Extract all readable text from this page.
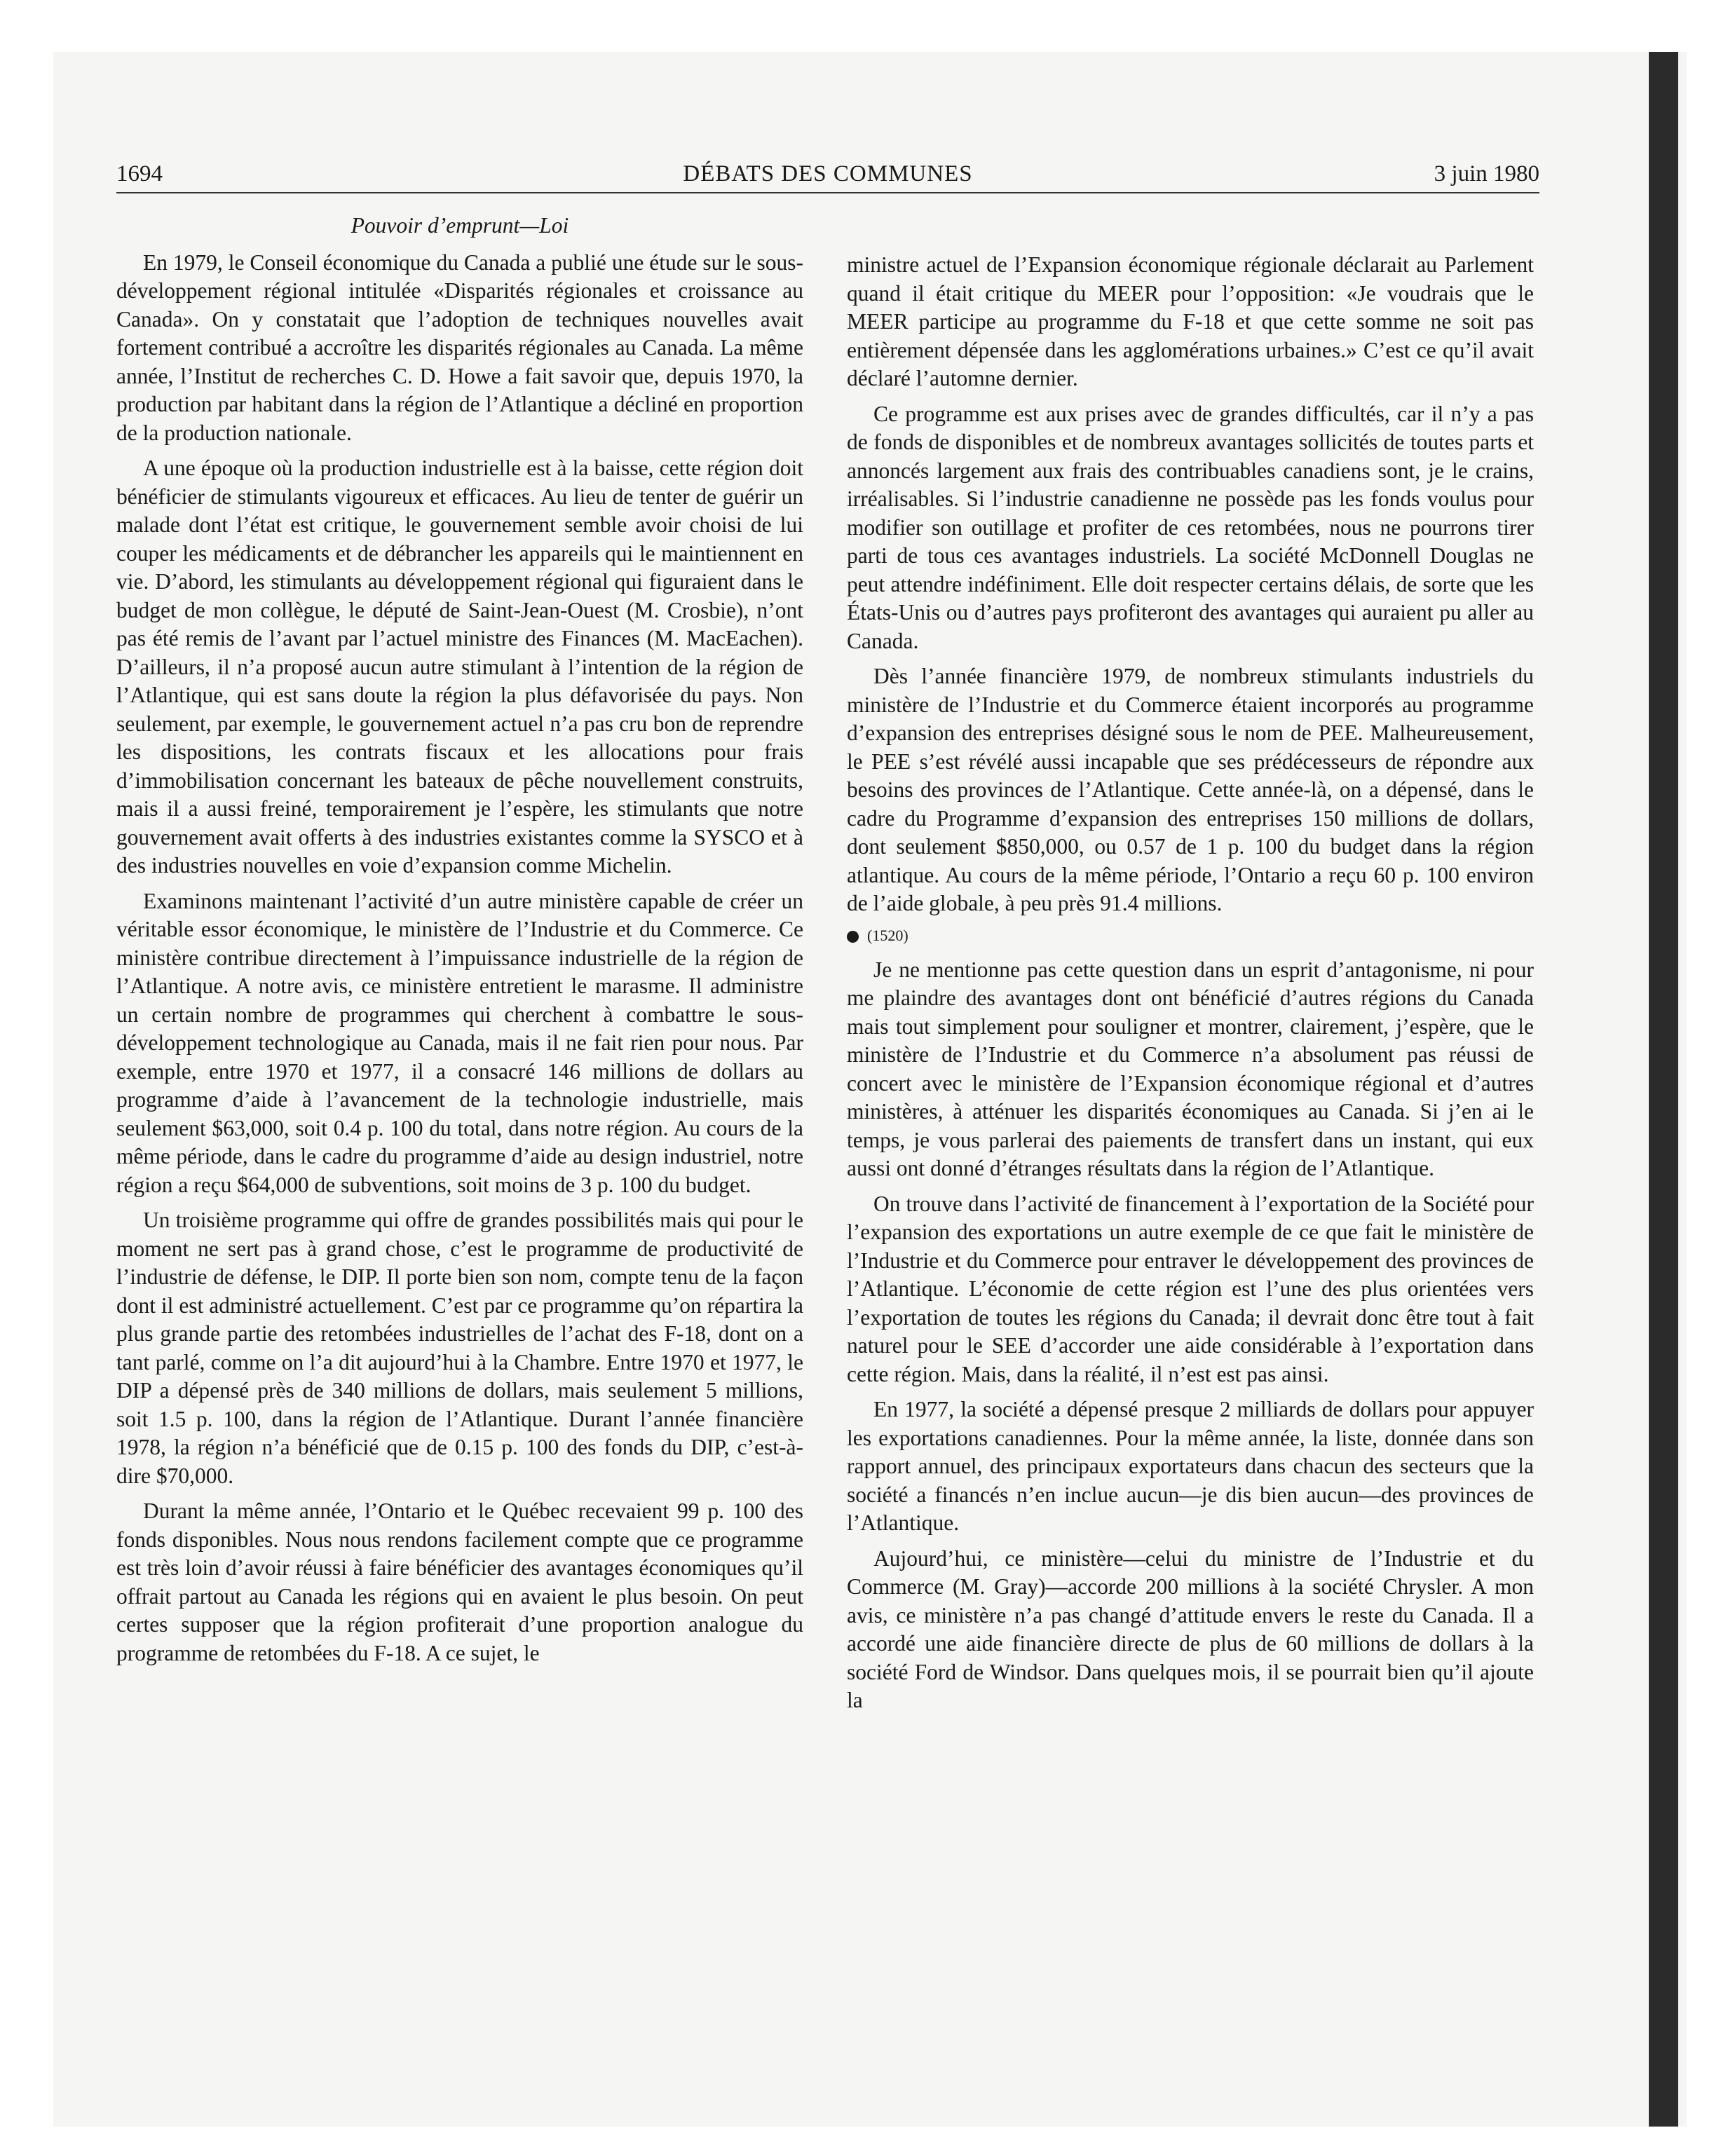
1694	DÉBATS DES COMMUNES	3 juin 1980
Pouvoir d’emprunt—Loi

En 1979, le Conseil économique du Canada a publié une étude sur le sous-développement régional intitulée «Disparités régionales et croissance au Canada». On y constatait que l’adoption de techniques nouvelles avait fortement contribué a accroître les disparités régionales au Canada. La même année, l’Institut de recherches C. D. Howe a fait savoir que, depuis 1970, la production par habitant dans la région de l’Atlantique a décliné en proportion de la production nationale.

A une époque où la production industrielle est à la baisse, cette région doit bénéficier de stimulants vigoureux et efficaces. Au lieu de tenter de guérir un malade dont l’état est critique, le gouvernement semble avoir choisi de lui couper les médicaments et de débrancher les appareils qui le maintiennent en vie. D’abord, les stimulants au développement régional qui figuraient dans le budget de mon collègue, le député de Saint-Jean-Ouest (M. Crosbie), n’ont pas été remis de l’avant par l’actuel ministre des Finances (M. MacEachen). D’ailleurs, il n’a proposé aucun autre stimulant à l’intention de la région de l’Atlantique, qui est sans doute la région la plus défavorisée du pays. Non seulement, par exemple, le gouvernement actuel n’a pas cru bon de reprendre les dispositions, les contrats fiscaux et les allocations pour frais d’immobilisation concernant les bateaux de pêche nouvellement construits, mais il a aussi freiné, temporairement je l’espère, les stimulants que notre gouvernement avait offerts à des industries existantes comme la SYSCO et à des industries nouvelles en voie d’expansion comme Michelin.

Examinons maintenant l’activité d’un autre ministère capable de créer un véritable essor économique, le ministère de l’Industrie et du Commerce. Ce ministère contribue directement à l’impuissance industrielle de la région de l’Atlantique. A notre avis, ce ministère entretient le marasme. Il administre un certain nombre de programmes qui cherchent à combattre le sous-développement technologique au Canada, mais il ne fait rien pour nous. Par exemple, entre 1970 et 1977, il a consacré 146 millions de dollars au programme d’aide à l’avancement de la technologie industrielle, mais seulement $63,000, soit 0.4 p. 100 du total, dans notre région. Au cours de la même période, dans le cadre du programme d’aide au design industriel, notre région a reçu $64,000 de subventions, soit moins de 3 p. 100 du budget.

Un troisième programme qui offre de grandes possibilités mais qui pour le moment ne sert pas à grand chose, c’est le programme de productivité de l’industrie de défense, le DIP. Il porte bien son nom, compte tenu de la façon dont il est administré actuellement. C’est par ce programme qu’on répartira la plus grande partie des retombées industrielles de l’achat des F-18, dont on a tant parlé, comme on l’a dit aujourd’hui à la Chambre. Entre 1970 et 1977, le DIP a dépensé près de 340 millions de dollars, mais seulement 5 millions, soit 1.5 p. 100, dans la région de l’Atlantique. Durant l’année financière 1978, la région n’a bénéficié que de 0.15 p. 100 des fonds du DIP, c’est-à-dire $70,000.

Durant la même année, l’Ontario et le Québec recevaient 99 p. 100 des fonds disponibles. Nous nous rendons facilement compte que ce programme est très loin d’avoir réussi à faire bénéficier des avantages économiques qu’il offrait partout au Canada les régions qui en avaient le plus besoin. On peut certes supposer que la région profiterait d’une proportion analogue du programme de retombées du F-18. A ce sujet, le

ministre actuel de l’Expansion économique régionale déclarait au Parlement quand il était critique du MEER pour l’opposition: «Je voudrais que le MEER participe au programme du F-18 et que cette somme ne soit pas entièrement dépensée dans les agglomérations urbaines.» C’est ce qu’il avait déclaré l’automne dernier.

Ce programme est aux prises avec de grandes difficultés, car il n’y a pas de fonds de disponibles et de nombreux avantages sollicités de toutes parts et annoncés largement aux frais des contribuables canadiens sont, je le crains, irréalisables. Si l’industrie canadienne ne possède pas les fonds voulus pour modifier son outillage et profiter de ces retombées, nous ne pourrons tirer parti de tous ces avantages industriels. La société McDonnell Douglas ne peut attendre indéfiniment. Elle doit respecter certains délais, de sorte que les États-Unis ou d’autres pays profiteront des avantages qui auraient pu aller au Canada.

Dès l’année financière 1979, de nombreux stimulants industriels du ministère de l’Industrie et du Commerce étaient incorporés au programme d’expansion des entreprises désigné sous le nom de PEE. Malheureusement, le PEE s’est révélé aussi incapable que ses prédécesseurs de répondre aux besoins des provinces de l’Atlantique. Cette année-là, on a dépensé, dans le cadre du Programme d’expansion des entreprises 150 millions de dollars, dont seulement $850,000, ou 0.57 de 1 p. 100 du budget dans la région atlantique. Au cours de la même période, l’Ontario a reçu 60 p. 100 environ de l’aide globale, à peu près 91.4 millions.

(1520)

Je ne mentionne pas cette question dans un esprit d’antagonisme, ni pour me plaindre des avantages dont ont bénéficié d’autres régions du Canada mais tout simplement pour souligner et montrer, clairement, j’espère, que le ministère de l’Industrie et du Commerce n’a absolument pas réussi de concert avec le ministère de l’Expansion économique régional et d’autres ministères, à atténuer les disparités économiques au Canada. Si j’en ai le temps, je vous parlerai des paiements de transfert dans un instant, qui eux aussi ont donné d’étranges résultats dans la région de l’Atlantique.

On trouve dans l’activité de financement à l’exportation de la Société pour l’expansion des exportations un autre exemple de ce que fait le ministère de l’Industrie et du Commerce pour entraver le développement des provinces de l’Atlantique. L’économie de cette région est l’une des plus orientées vers l’exportation de toutes les régions du Canada; il devrait donc être tout à fait naturel pour le SEE d’accorder une aide considérable à l’exportation dans cette région. Mais, dans la réalité, il n’est est pas ainsi.

En 1977, la société a dépensé presque 2 milliards de dollars pour appuyer les exportations canadiennes. Pour la même année, la liste, donnée dans son rapport annuel, des principaux exportateurs dans chacun des secteurs que la société a financés n’en inclue aucun—je dis bien aucun—des provinces de l’Atlantique.

Aujourd’hui, ce ministère—celui du ministre de l’Industrie et du Commerce (M. Gray)—accorde 200 millions à la société Chrysler. A mon avis, ce ministère n’a pas changé d’attitude envers le reste du Canada. Il a accordé une aide financière directe de plus de 60 millions de dollars à la société Ford de Windsor. Dans quelques mois, il se pourrait bien qu’il ajoute la
